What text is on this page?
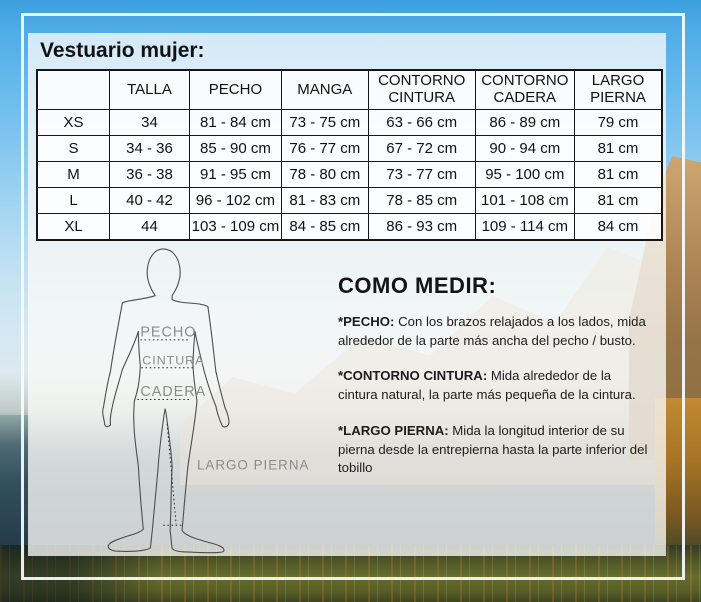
Vestuario mujer:
	TALLA	PECHO	MANGA	CONTORNO CINTURA	CONTORNO CADERA	LARGO PIERNA
XS	34	81 - 84 cm	73 - 75 cm	63 - 66 cm	86 - 89 cm	79 cm
S	34 - 36	85 - 90 cm	76 - 77 cm	67 - 72 cm	90 - 94 cm	81 cm
M	36 - 38	91 - 95 cm	78 - 80 cm	73 - 77 cm	95 - 100 cm	81 cm
L	40 - 42	96 - 102 cm	81 - 83 cm	78 - 85 cm	101 - 108 cm	81 cm
XL	44	103 - 109 cm	84 - 85 cm	86 - 93 cm	109 - 114 cm	84 cm
PECHO
CINTURA
CADERA
LARGO PIERNA
COMO MEDIR:

*PECHO: Con los brazos relajados a los lados, mida alrededor de la parte más ancha del pecho / busto.

*CONTORNO CINTURA: Mida alrededor de la cintura natural, la parte más pequeña de la cintura.

*LARGO PIERNA: Mida la longitud interior de su pierna desde la entrepierna hasta la parte inferior del tobillo
